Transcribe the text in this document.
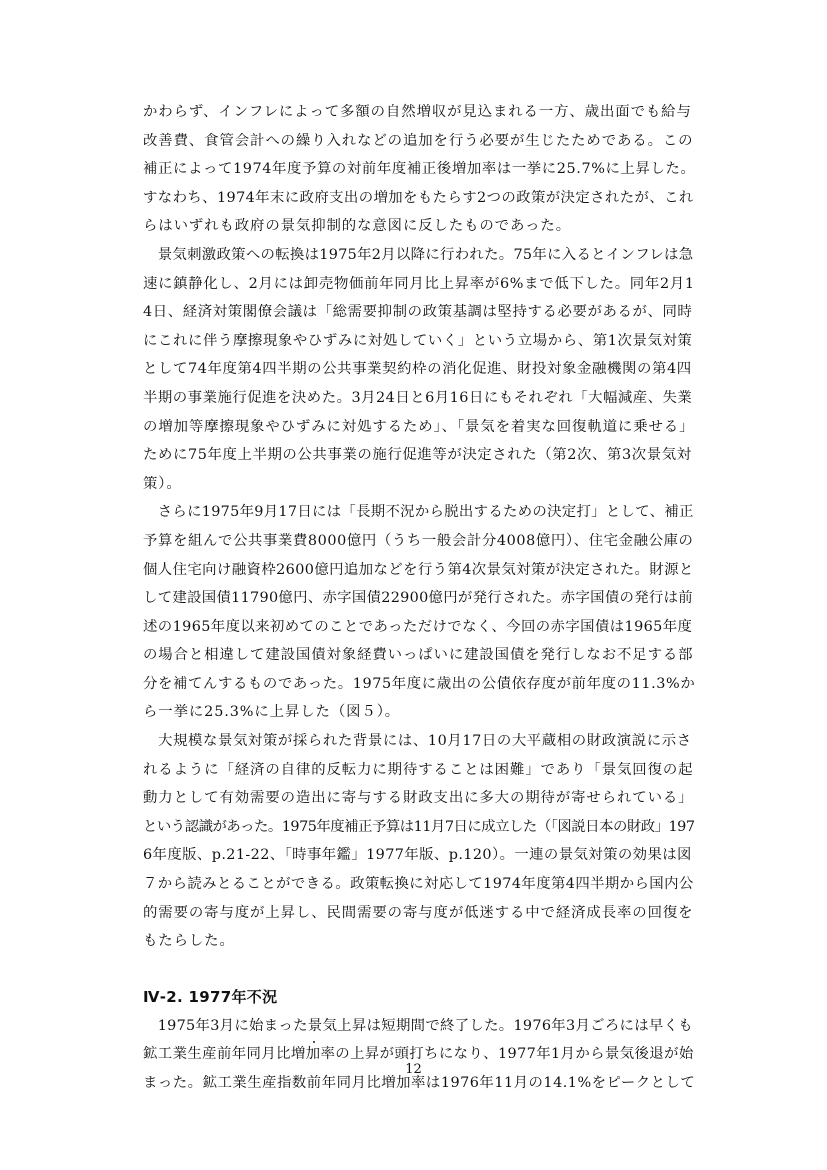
かわらず、インフレによって多額の自然増収が見込まれる一方、歳出面でも給与
改善費、食管会計への繰り入れなどの追加を行う必要が生じたためである。この
補正によって1974年度予算の対前年度補正後増加率は一挙に25.7%に上昇した。
すなわち、1974年末に政府支出の増加をもたらす2つの政策が決定されたが、これ
らはいずれも政府の景気抑制的な意図に反したものであった。
　景気刺激政策への転換は1975年2月以降に行われた。75年に入るとインフレは急
速に鎮静化し、2月には卸売物価前年同月比上昇率が6%まで低下した。同年2月1
4日、経済対策閣僚会議は「総需要抑制の政策基調は堅持する必要があるが、同時
にこれに伴う摩擦現象やひずみに対処していく」という立場から、第1次景気対策
として74年度第4四半期の公共事業契約枠の消化促進、財投対象金融機関の第4四
半期の事業施行促進を決めた。3月24日と6月16日にもそれぞれ「大幅減産、失業
の増加等摩擦現象やひずみに対処するため」、「景気を着実な回復軌道に乗せる」
ために75年度上半期の公共事業の施行促進等が決定された（第2次、第3次景気対
策）。
　さらに1975年9月17日には「長期不況から脱出するための決定打」として、補正
予算を組んで公共事業費8000億円（うち一般会計分4008億円）、住宅金融公庫の
個人住宅向け融資枠2600億円追加などを行う第4次景気対策が決定された。財源と
して建設国債11790億円、赤字国債22900億円が発行された。赤字国債の発行は前
述の1965年度以来初めてのことであっただけでなく、今回の赤字国債は1965年度
の場合と相違して建設国債対象経費いっぱいに建設国債を発行しなお不足する部
分を補てんするものであった。1975年度に歳出の公債依存度が前年度の11.3%か
ら一挙に25.3%に上昇した（図５）。
　大規模な景気対策が採られた背景には、10月17日の大平蔵相の財政演説に示さ
れるように「経済の自律的反転力に期待することは困難」であり「景気回復の起
動力として有効需要の造出に寄与する財政支出に多大の期待が寄せられている」
という認識があった。1975年度補正予算は11月7日に成立した（「図説日本の財政」197
6年度版、p.21-22、「時事年鑑」1977年版、p.120）。一連の景気対策の効果は図
７から読みとることができる。政策転換に対応して1974年度第4四半期から国内公
的需要の寄与度が上昇し、民間需要の寄与度が低迷する中で経済成長率の回復を
もたらした。
Ⅳ-2. 1977年不況
　1975年3月に始まった景気上昇は短期間で終了した。1976年3月ごろには早くも
鉱工業生産前年同月比増加率の上昇が頭打ちになり、1977年1月から景気後退が始
まった。鉱工業生産指数前年同月比増加率は1976年11月の14.1%をピークとして
12
